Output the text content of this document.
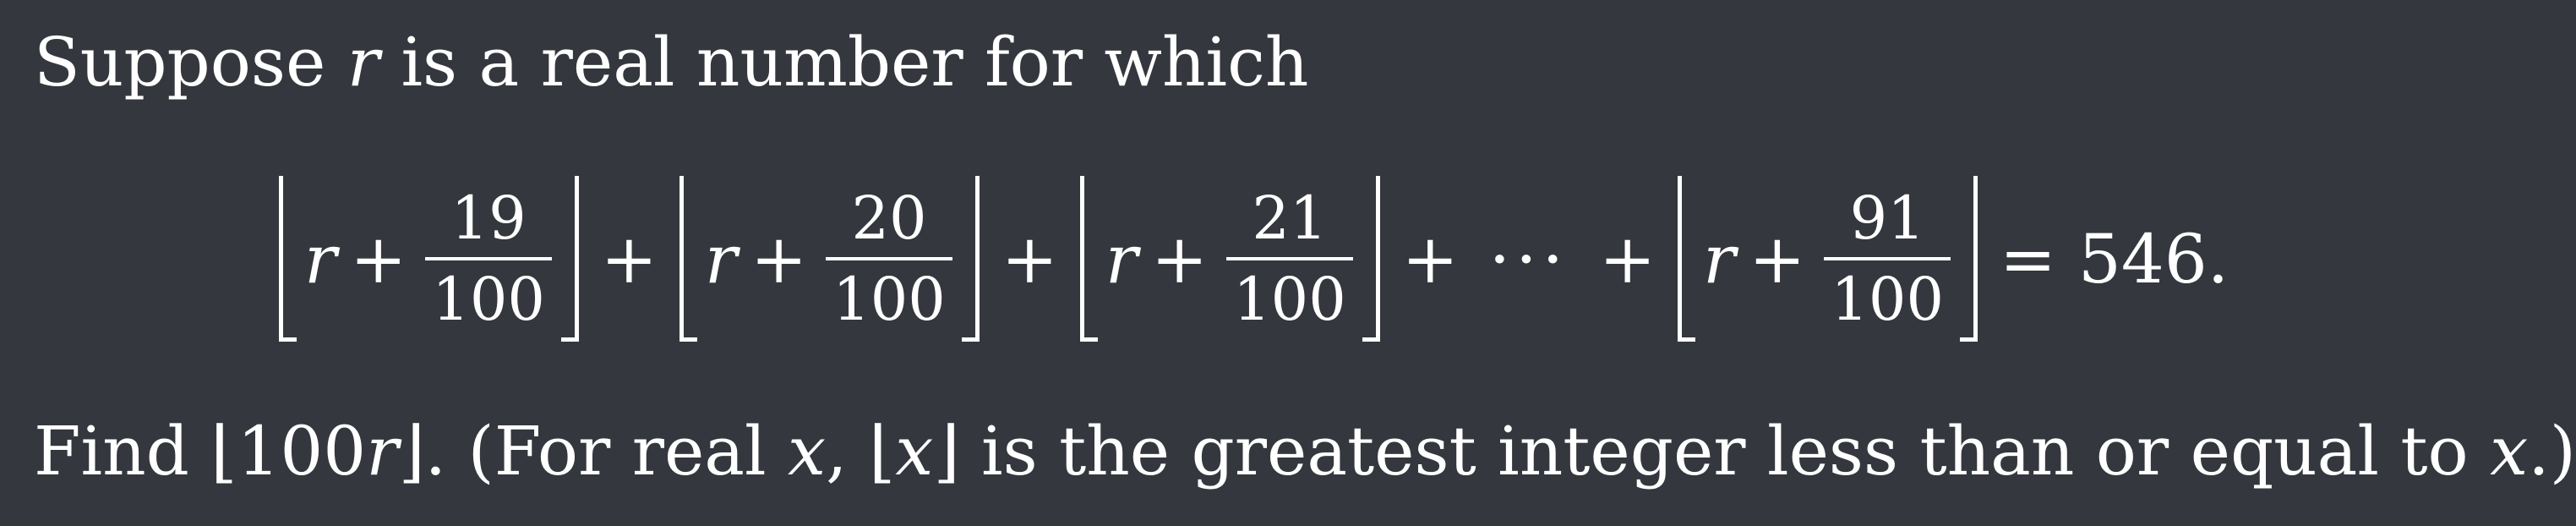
Suppose r is a real number for which
$r + \frac{19}{100} + r + \frac{20}{100} + r + \frac{21}{100}$ + ··· + $r + \frac{91}{100} = 546$.
Find ⌊100r⌋. (For real x, ⌊x⌋ is the greatest integer less than or equal to x.)
